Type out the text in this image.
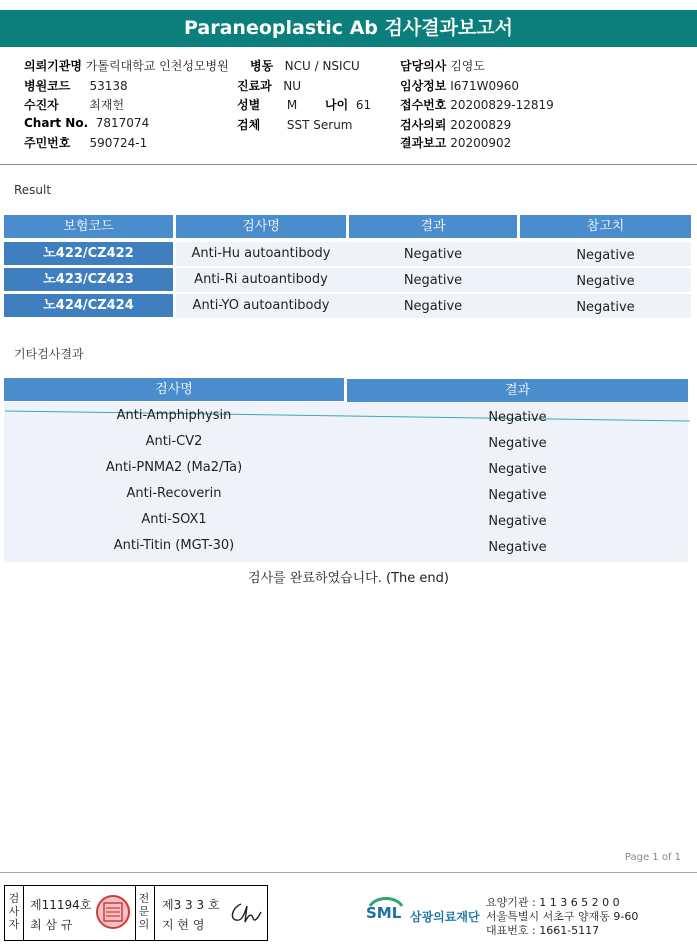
Paraneoplastic Ab 검사결과보고서
의뢰기관명 가톨릭대학교 인천성모병원
병원코드 53138
수진자	최재헌
Chart No. 7817074
주민번호 590724-1
병동 NCU / NSICU
진료과 NU
성별 M 나이 61
검체 SST Serum
담당의사 김영도
임상정보 I671W0960
접수번호 20200829-12819
검사의뢰 20200829
결과보고 20200902
Result
보험코드	검사명	결과	참고치
노422/CZ422	Anti-Hu autoantibody	Negative	Negative
노423/CZ423	Anti-Ri autoantibody	Negative	Negative
노424/CZ424	Anti-YO autoantibody	Negative	Negative
기타검사결과
검사명	결과
Anti-Amphiphysin	Negative
Anti-CV2	Negative
Anti-PNMA2 (Ma2/Ta)	Negative
Anti-Recoverin	Negative
Anti-SOX1	Negative
Anti-Titin (MGT-30)	Negative
검사를 완료하였습니다. (The end)
Page 1 of 1
검
사
자
제11194호
최 삼 규
전
문
의
제3 3 3 호
지 현 영
SML 삼광의료재단
요양기관 : 1 1 3 6 5 2 0 0
서울특별시 서초구 양재동 9-60
대표번호 : 1661-5117
